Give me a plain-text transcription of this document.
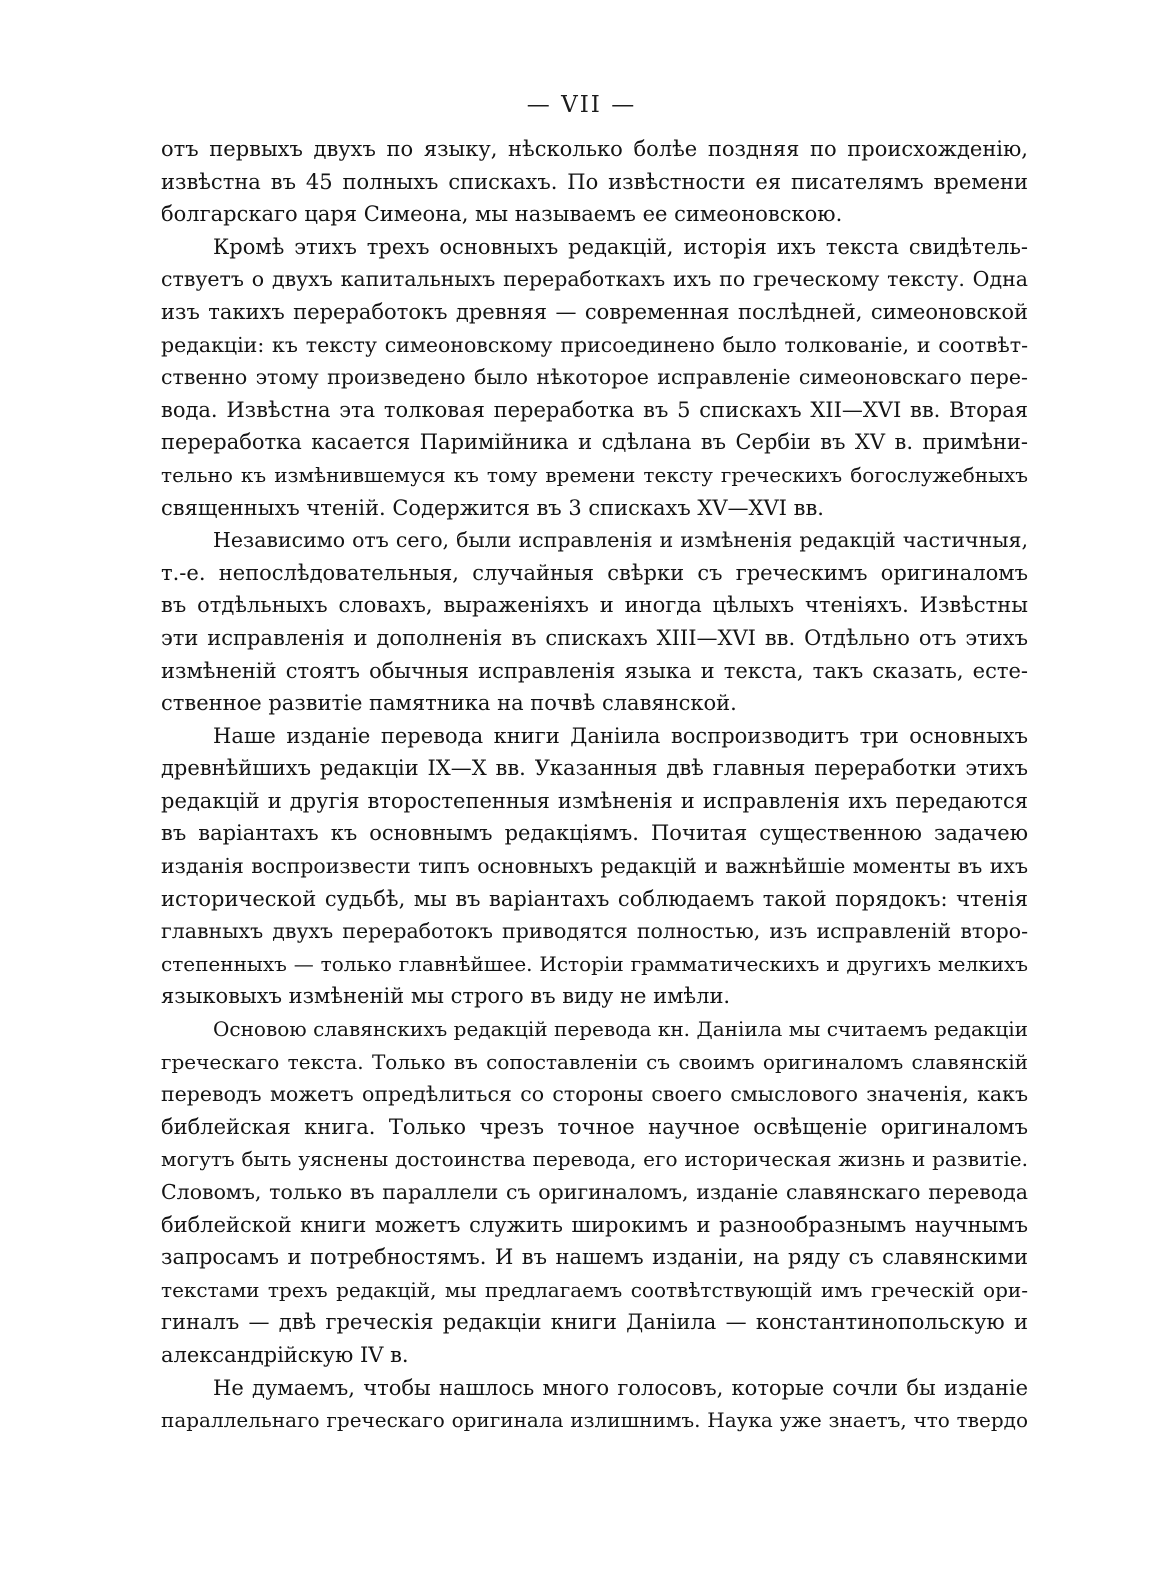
— VII —
отъ первыхъ двухъ по языку, нѣсколько болѣе поздняя по происхожденію,
извѣстна въ 45 полныхъ спискахъ. По извѣстности ея писателямъ времени
болгарскаго царя Симеона, мы называемъ ее симеоновскою.
Кромѣ этихъ трехъ основныхъ редакцій, исторія ихъ текста свидѣтель-
ствуетъ о двухъ капитальныхъ переработкахъ ихъ по греческому тексту. Одна
изъ такихъ переработокъ древняя — современная послѣдней, симеоновской
редакціи: къ тексту симеоновскому присоединено было толкованіе, и соотвѣт-
ственно этому произведено было нѣкоторое исправленіе симеоновскаго пере-
вода. Извѣстна эта толковая переработка въ 5 спискахъ XII—XVI вв. Вторая
переработка касается Паримійника и сдѣлана въ Сербіи въ XV в. примѣни-
тельно къ измѣнившемуся къ тому времени тексту греческихъ богослужебныхъ
священныхъ чтеній. Содержится въ 3 спискахъ XV—XVI вв.
Независимо отъ сего, были исправленія и измѣненія редакцій частичныя,
т.-е. непослѣдовательныя, случайныя свѣрки съ греческимъ оригиналомъ
въ отдѣльныхъ словахъ, выраженіяхъ и иногда цѣлыхъ чтеніяхъ. Извѣстны
эти исправленія и дополненія въ спискахъ XIII—XVI вв. Отдѣльно отъ этихъ
измѣненій стоятъ обычныя исправленія языка и текста, такъ сказать, есте-
ственное развитіе памятника на почвѣ славянской.
Наше изданіе перевода книги Даніила воспроизводитъ три основныхъ
древнѣйшихъ редакціи IX—X вв. Указанныя двѣ главныя переработки этихъ
редакцій и другія второстепенныя измѣненія и исправленія ихъ передаются
въ варіантахъ къ основнымъ редакціямъ. Почитая существенною задачею
изданія воспроизвести типъ основныхъ редакцій и важнѣйшіе моменты въ ихъ
исторической судьбѣ, мы въ варіантахъ соблюдаемъ такой порядокъ: чтенія
главныхъ двухъ переработокъ приводятся полностью, изъ исправленій второ-
степенныхъ — только главнѣйшее. Исторіи грамматическихъ и другихъ мелкихъ
языковыхъ измѣненій мы строго въ виду не имѣли.
Основою славянскихъ редакцій перевода кн. Даніила мы считаемъ редакціи
греческаго текста. Только въ сопоставленіи съ своимъ оригиналомъ славянскій
переводъ можетъ опредѣлиться со стороны своего смыслового значенія, какъ
библейская книга. Только чрезъ точное научное освѣщеніе оригиналомъ
могутъ быть уяснены достоинства перевода, его историческая жизнь и развитіе.
Словомъ, только въ параллели съ оригиналомъ, изданіе славянскаго перевода
библейской книги можетъ служить широкимъ и разнообразнымъ научнымъ
запросамъ и потребностямъ. И въ нашемъ изданіи, на ряду съ славянскими
текстами трехъ редакцій, мы предлагаемъ соотвѣтствующій имъ греческій ори-
гиналъ — двѣ греческія редакціи книги Даніила — константинопольскую и
александрійскую IV в.
Не думаемъ, чтобы нашлось много голосовъ, которые сочли бы изданіе
параллельнаго греческаго оригинала излишнимъ. Наука уже знаетъ, что твердо
